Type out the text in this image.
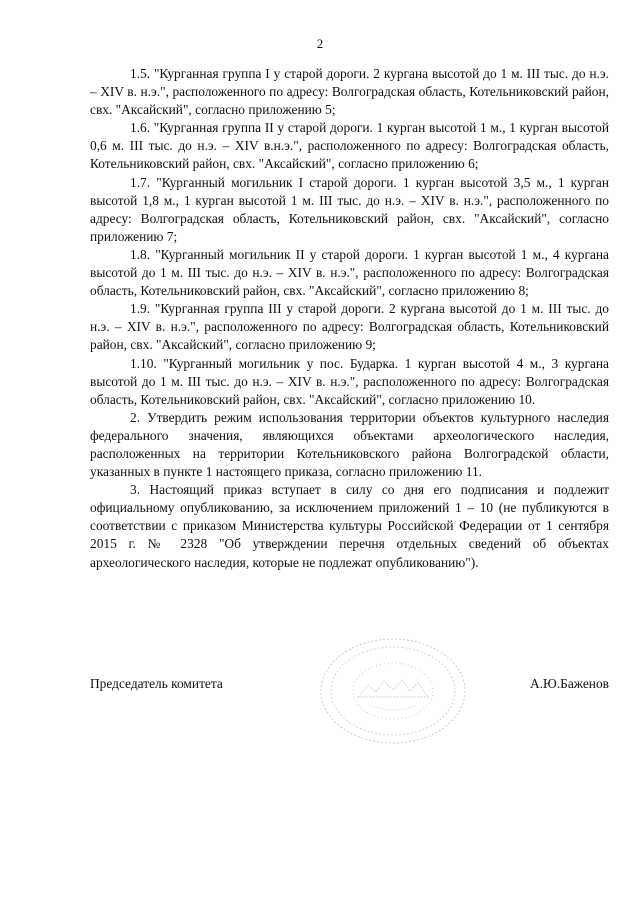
2

1.5. "Курганная группа I у старой дороги. 2 кургана высотой до 1 м. III тыс. до н.э. – XIV в. н.э.", расположенного по адресу: Волгоградская область, Котельниковский район, свх. "Аксайский", согласно приложению 5;

1.6. "Курганная группа II у старой дороги. 1 курган высотой 1 м., 1 курган высотой 0,6 м. III тыс. до н.э. – XIV в.н.э.", расположенного по адресу: Волгоградская область, Котельниковский район, свх. "Аксайский", согласно приложению 6;

1.7. "Курганный могильник I старой дороги. 1 курган высотой 3,5 м., 1 курган высотой 1,8 м., 1 курган высотой 1 м. III тыс. до н.э. – XIV в. н.э.", расположенного по адресу: Волгоградская область, Котельниковский район, свх. "Аксайский", согласно приложению 7;

1.8. "Курганный могильник II у старой дороги. 1 курган высотой 1 м., 4 кургана высотой до 1 м. III тыс. до н.э. – XIV в. н.э.", расположенного по адресу: Волгоградская область, Котельниковский район, свх. "Аксайский", согласно приложению 8;

1.9. "Курганная группа III у старой дороги. 2 кургана высотой до 1 м. III тыс. до н.э. – XIV в. н.э.", расположенного по адресу: Волгоградская область, Котельниковский район, свх. "Аксайский", согласно приложению 9;

1.10. "Курганный могильник у пос. Бударка. 1 курган высотой 4 м., 3 кургана высотой до 1 м. III тыс. до н.э. – XIV в. н.э.", расположенного по адресу: Волгоградская область, Котельниковский район, свх. "Аксайский", согласно приложению 10.

2. Утвердить режим использования территории объектов культурного наследия федерального значения, являющихся объектами археологического наследия, расположенных на территории Котельниковского района Волгоградской области, указанных в пункте 1 настоящего приказа, согласно приложению 11.

3. Настоящий приказ вступает в силу со дня его подписания и подлежит официальному опубликованию, за исключением приложений 1 – 10 (не публикуются в соответствии с приказом Министерства культуры Российской Федерации от 1 сентября 2015 г. № 2328 "Об утверждении перечня отдельных сведений об объектах археологического наследия, которые не подлежат опубликованию").

Председатель комитета	А.Ю.Баженов
